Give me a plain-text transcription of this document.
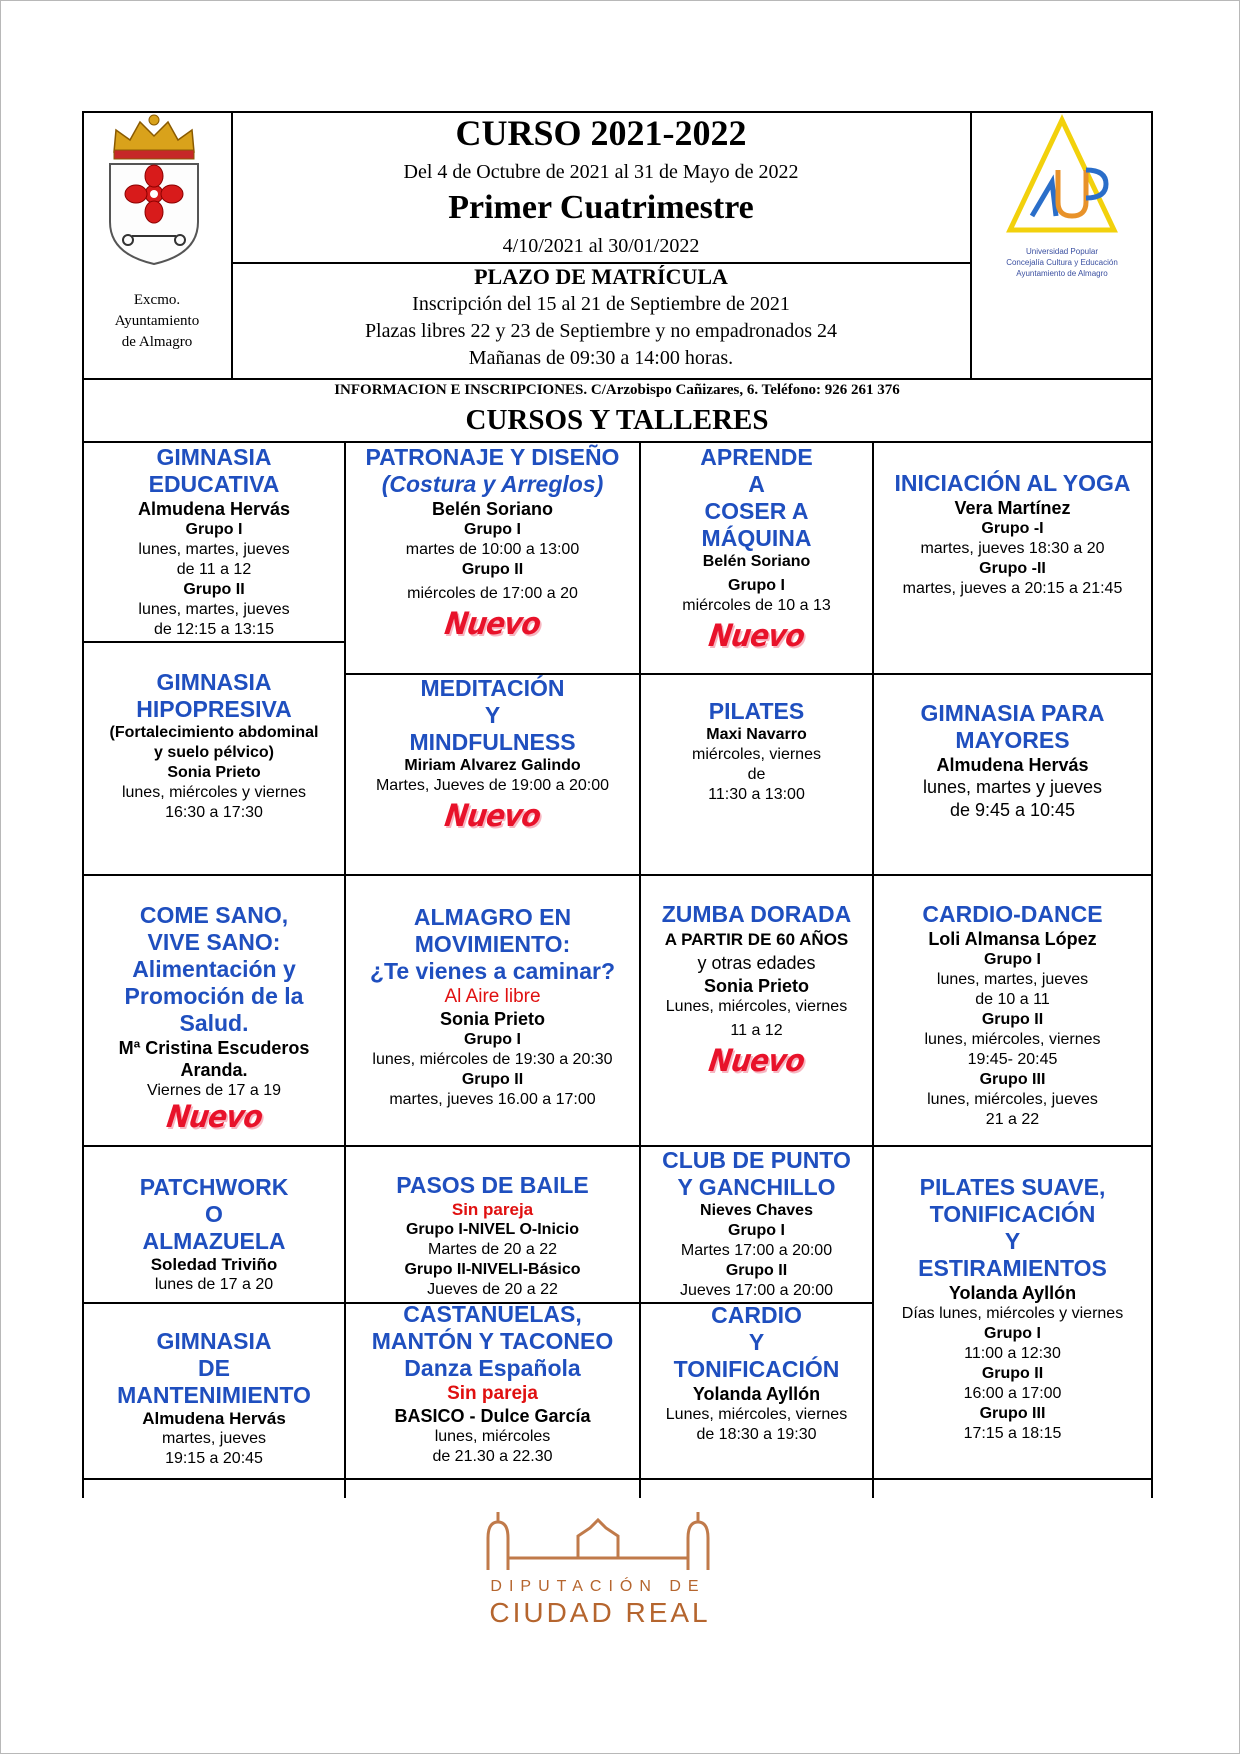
Excmo.
Ayuntamiento
de Almagro
CURSO 2021-2022
Del 4 de Octubre de 2021 al 31 de Mayo de 2022
Primer Cuatrimestre
4/10/2021 al 30/01/2022
PLAZO DE MATRÍCULA
Inscripción del 15 al 21 de Septiembre de 2021
Plazas libres 22 y 23 de Septiembre y no empadronados 24
Mañanas de 09:30 a 14:00 horas.
Universidad Popular
Concejalía Cultura y Educación
Ayuntamiento de Almagro
INFORMACION E INSCRIPCIONES. C/Arzobispo Cañizares, 6. Teléfono: 926 261 376
CURSOS Y TALLERES
GIMNASIA
EDUCATIVA
Almudena Hervás
Grupo I
lunes, martes, jueves
de 11 a 12
Grupo II
lunes, martes, jueves
de 12:15 a 13:15
PATRONAJE Y DISEÑO
(Costura y Arreglos)
Belén Soriano
Grupo I
martes de 10:00 a 13:00
Grupo II
miércoles de 17:00 a 20
Nuevo
APRENDE
A
COSER A
MÁQUINA
Belén Soriano
Grupo I
miércoles de 10 a 13
Nuevo
INICIACIÓN AL YOGA
Vera Martínez
Grupo -I
martes, jueves 18:30 a 20
Grupo -II
martes, jueves a 20:15 a 21:45
GIMNASIA
HIPOPRESIVA
(Fortalecimiento abdominal
y suelo pélvico)
Sonia Prieto
lunes, miércoles y viernes
16:30 a 17:30
MEDITACIÓN
Y
MINDFULNESS
Miriam Alvarez Galindo
Martes, Jueves de 19:00 a 20:00
Nuevo
PILATES
Maxi Navarro
miércoles, viernes
de
11:30 a 13:00
GIMNASIA PARA
MAYORES
Almudena Hervás
lunes, martes y jueves
de 9:45 a 10:45
COME SANO,
VIVE SANO:
Alimentación y
Promoción de la
Salud.
Mª Cristina Escuderos
Aranda.
Viernes de 17 a 19
Nuevo
ALMAGRO EN
MOVIMIENTO:
¿Te vienes a caminar?
Al Aire libre
Sonia Prieto
Grupo I
lunes, miércoles de 19:30 a 20:30
Grupo II
martes, jueves 16.00 a 17:00
ZUMBA DORADA
A PARTIR DE 60 AÑOS
y otras edades
Sonia Prieto
Lunes, miércoles, viernes
11 a 12
Nuevo
CARDIO-DANCE
Loli Almansa López
Grupo I
lunes, martes, jueves
de 10 a 11
Grupo II
lunes, miércoles, viernes
19:45- 20:45
Grupo III
lunes, miércoles, jueves
21 a 22
PATCHWORK
O
ALMAZUELA
Soledad Triviño
lunes de 17 a 20
PASOS DE BAILE
Sin pareja
Grupo I-NIVEL O-Inicio
Martes de 20 a 22
Grupo II-NIVELI-Básico
Jueves de 20 a 22
CLUB DE PUNTO
Y GANCHILLO
Nieves Chaves
Grupo I
Martes 17:00 a 20:00
Grupo II
Jueves 17:00 a 20:00
PILATES SUAVE,
TONIFICACIÓN
Y
ESTIRAMIENTOS
Yolanda Ayllón
Días lunes, miércoles y viernes
Grupo I
11:00 a 12:30
Grupo II
16:00 a 17:00
Grupo III
17:15 a 18:15
GIMNASIA
DE
MANTENIMIENTO
Almudena Hervás
martes, jueves
19:15 a 20:45
CASTANUELAS,
MANTÓN Y TACONEO
Danza Española
Sin pareja
BASICO - Dulce García
lunes, miércoles
de 21.30 a 22.30
CARDIO
Y
TONIFICACIÓN
Yolanda Ayllón
Lunes, miércoles, viernes
de 18:30 a 19:30
DIPUTACIÓN DE
CIUDAD REAL
